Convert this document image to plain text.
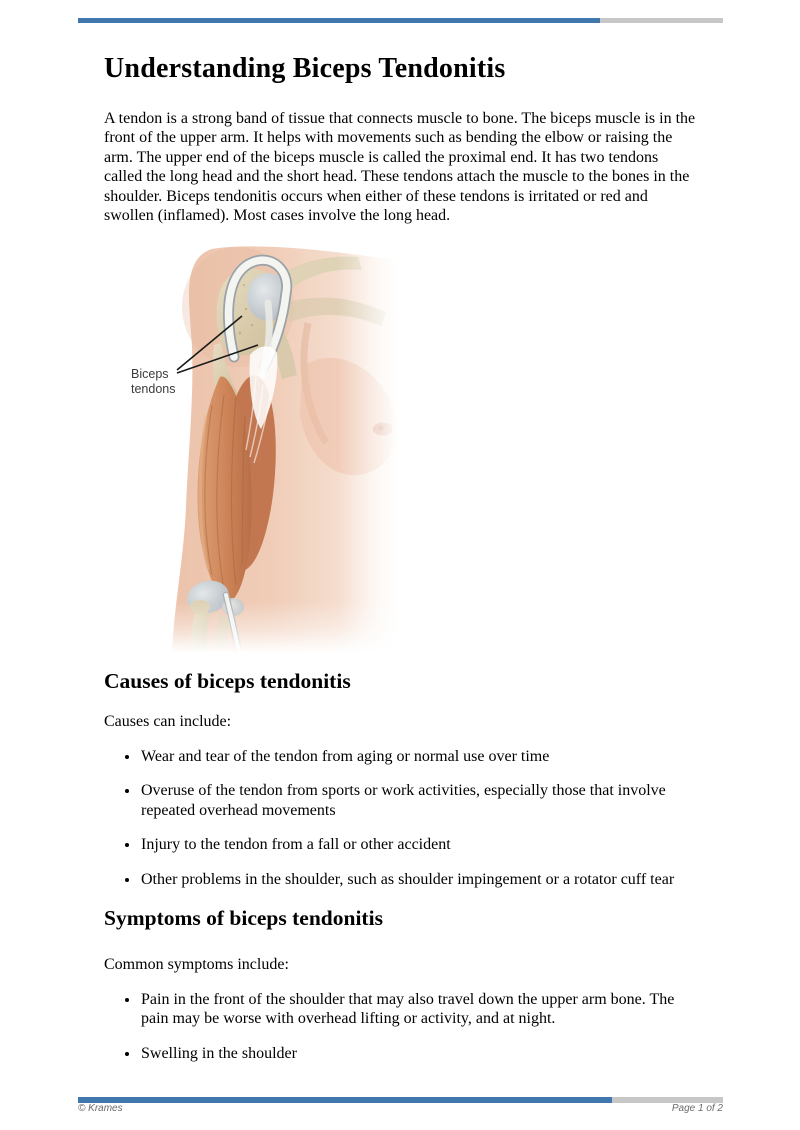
Understanding Biceps Tendonitis

A tendon is a strong band of tissue that connects muscle to bone. The biceps muscle is in the front of the upper arm. It helps with movements such as bending the elbow or raising the arm. The upper end of the biceps muscle is called the proximal end. It has two tendons called the long head and the short head. These tendons attach the muscle to the bones in the shoulder. Biceps tendonitis occurs when either of these tendons is irritated or red and swollen (inflamed). Most cases involve the long head.

Biceps
tendons
Causes of biceps tendonitis

Causes can include:

• Wear and tear of the tendon from aging or normal use over time
• Overuse of the tendon from sports or work activities, especially those that involve repeated overhead movements
• Injury to the tendon from a fall or other accident
• Other problems in the shoulder, such as shoulder impingement or a rotator cuff tear
Symptoms of biceps tendonitis

Common symptoms include:

• Pain in the front of the shoulder that may also travel down the upper arm bone. The pain may be worse with overhead lifting or activity, and at night.
• Swelling in the shoulder
© Krames	Page 1 of 2
